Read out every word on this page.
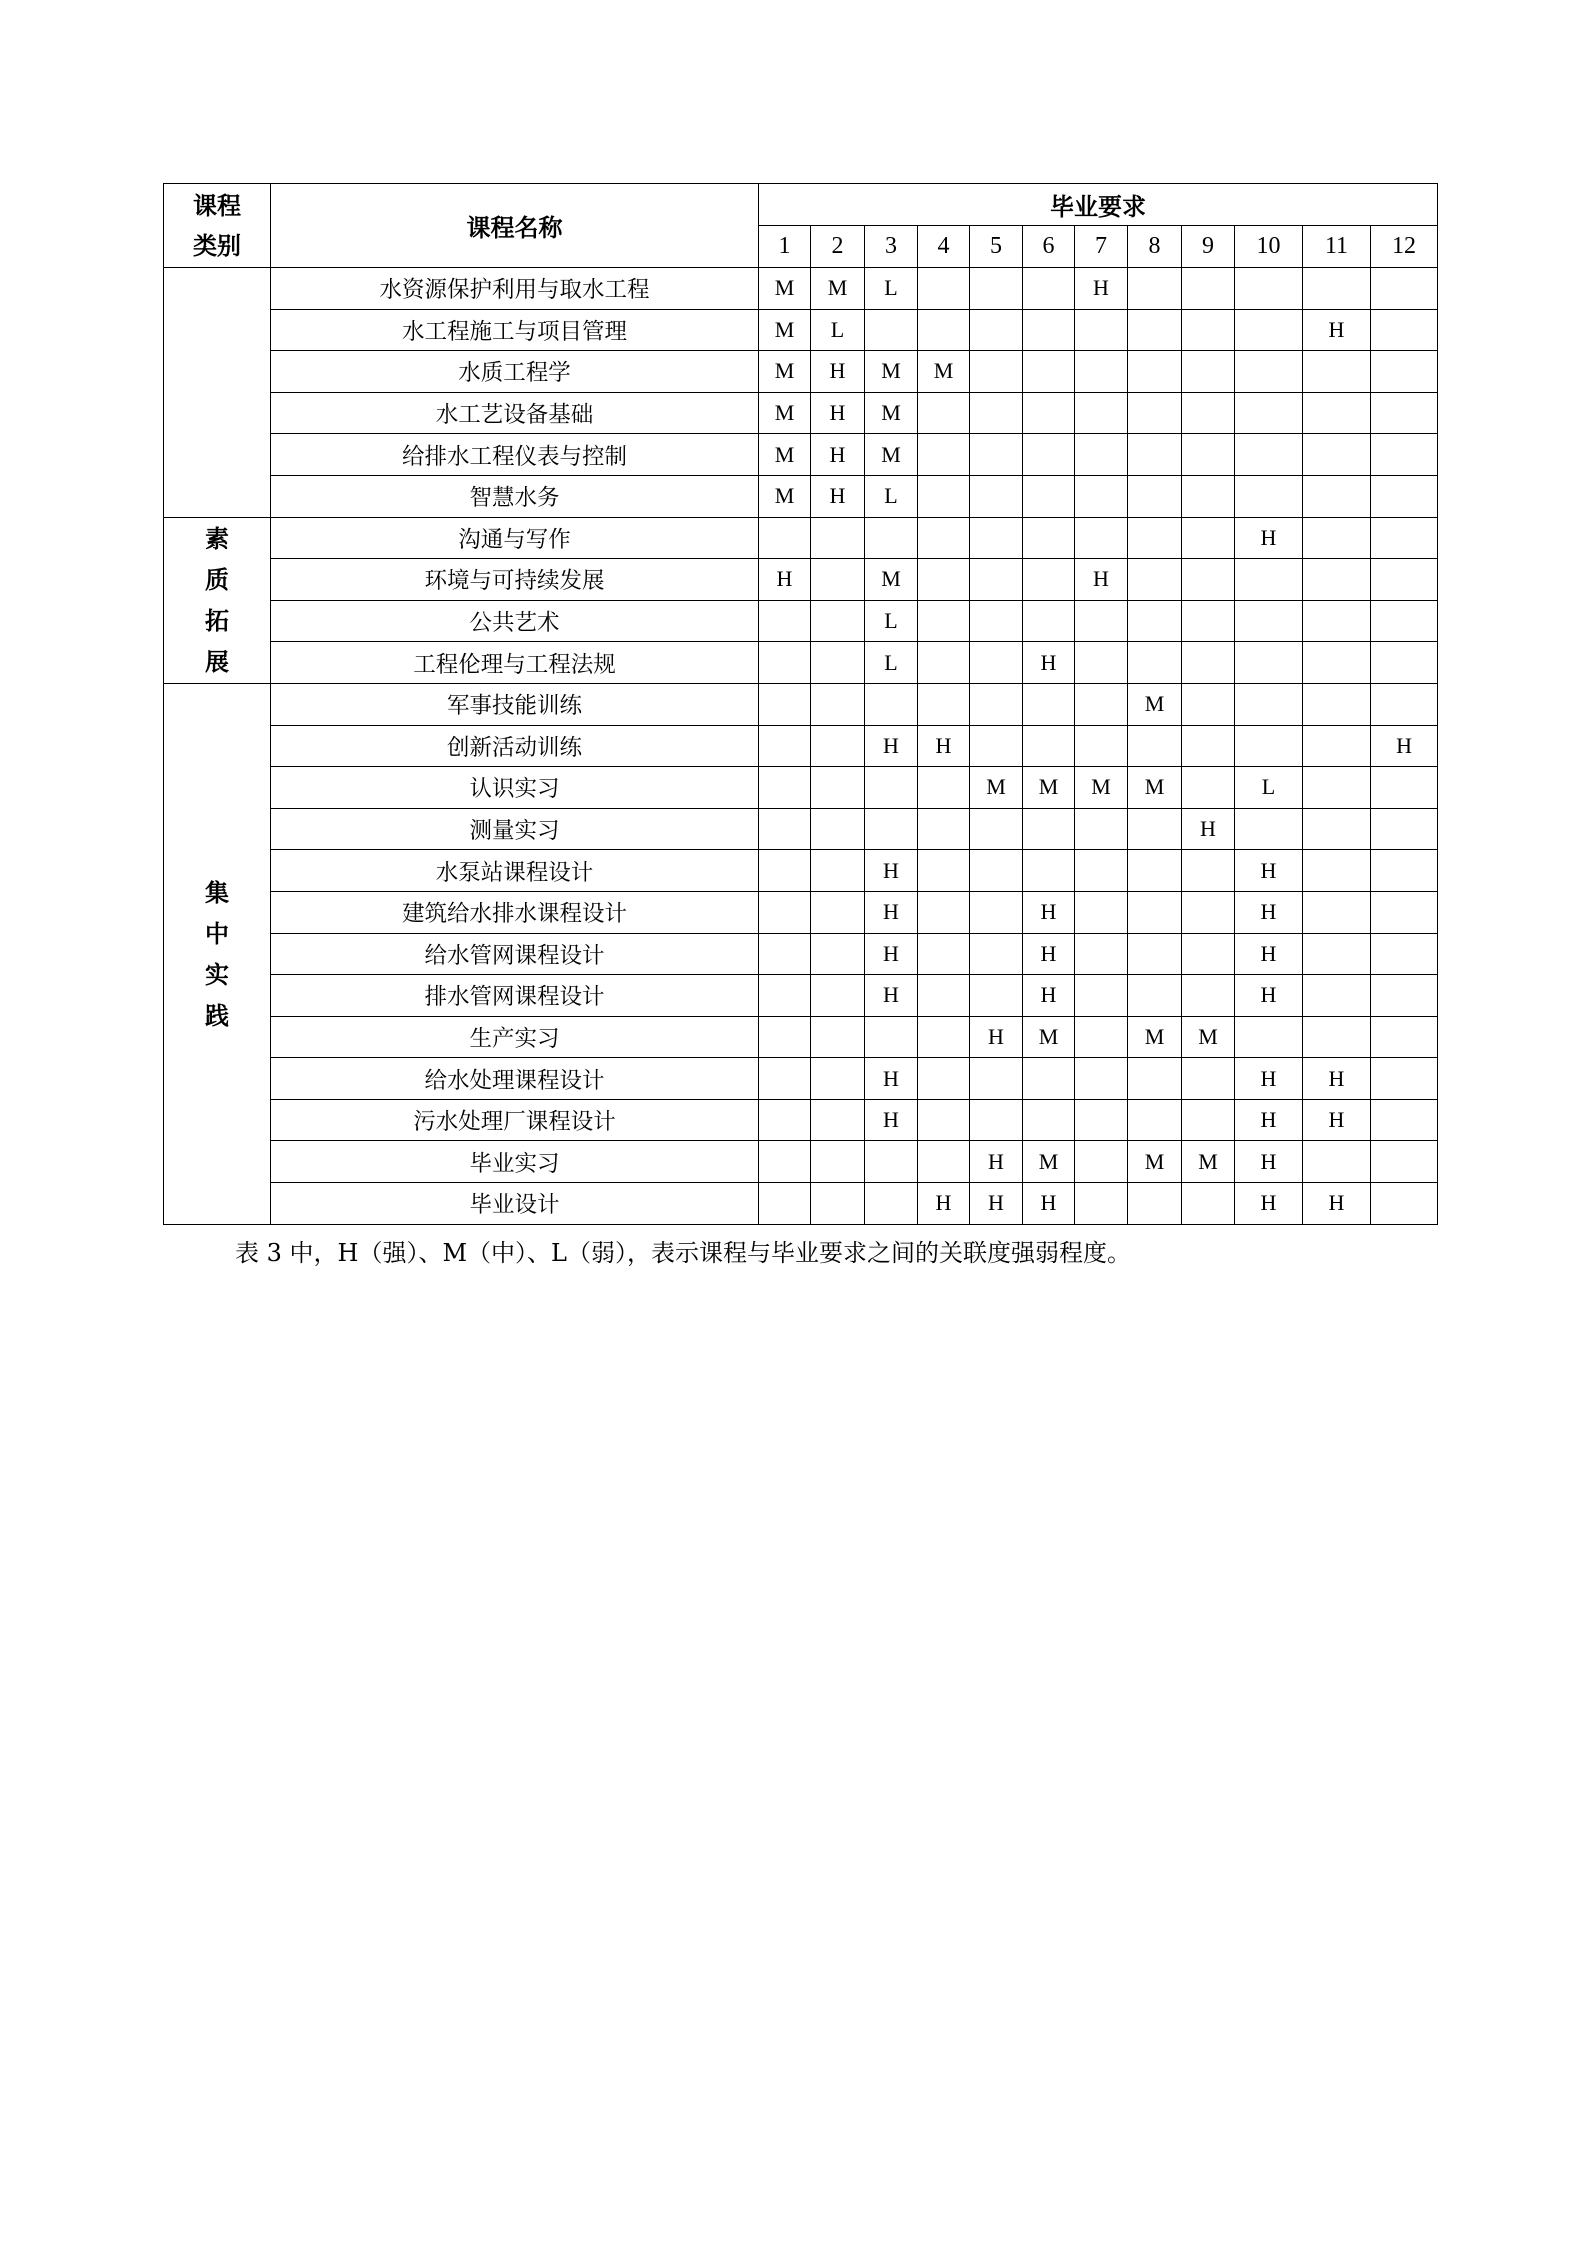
课程
类别	课程名称	毕业要求											
		1	2	3	4	5	6	7	8	9	10	11	12
	水资源保护利用与取水工程	M	M	L				H					
	水工程施工与项目管理	M	L									H	
	水质工程学	M	H	M	M								
	水工艺设备基础	M	H	M									
	给排水工程仪表与控制	M	H	M									
	智慧水务	M	H	L									
素质拓展	沟通与写作										H		
	环境与可持续发展	H		M				H					
	公共艺术			L									
	工程伦理与工程法规			L			H						
集中实践	军事技能训练								M				
	创新活动训练			H	H								H
	认识实习					M	M	M	M		L		
	测量实习									H			
	水泵站课程设计			H							H		
	建筑给水排水课程设计			H			H				H		
	给水管网课程设计			H			H				H		
	排水管网课程设计			H			H				H		
	生产实习					H	M		M	M			
	给水处理课程设计			H							H	H	
	污水处理厂课程设计			H							H	H	
	毕业实习					H	M		M	M	H		
	毕业设计				H	H	H				H	H	
表 3 中，H（强）、M（中）、L（弱），表示课程与毕业要求之间的关联度强弱程度。
